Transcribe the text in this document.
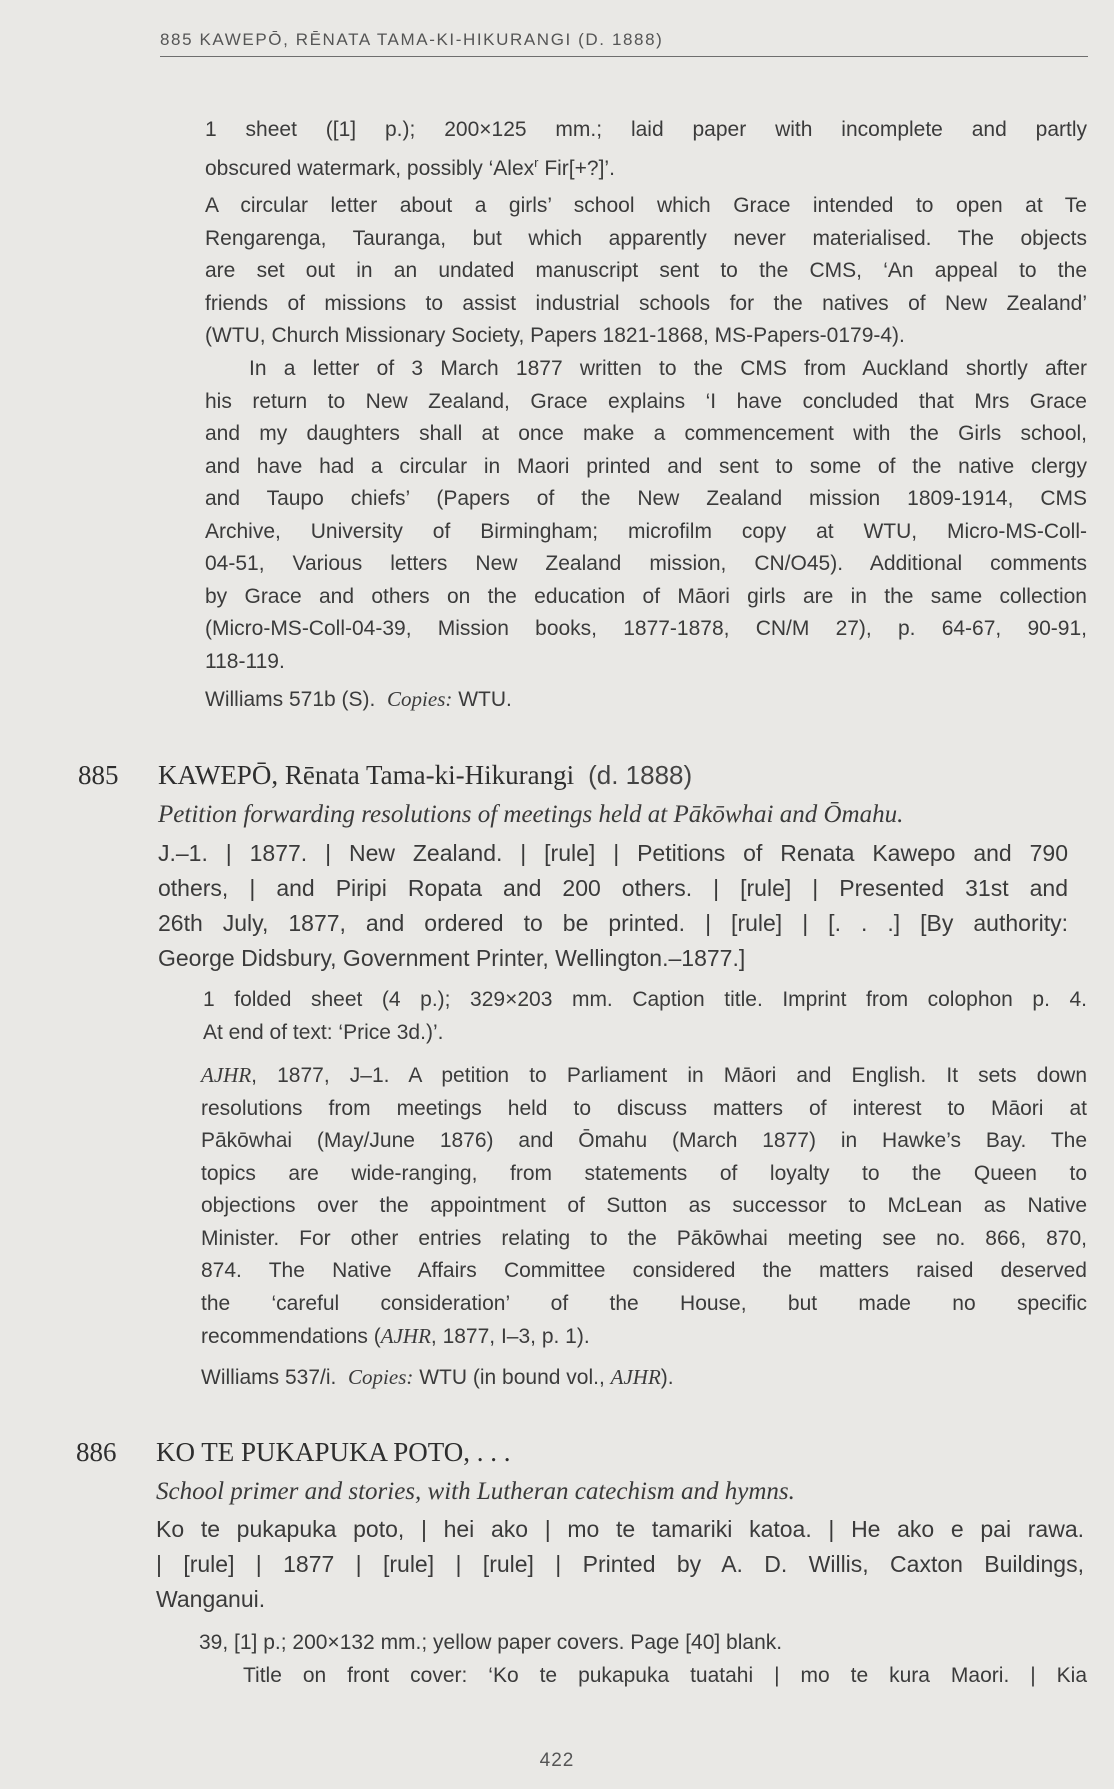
885 KAWEPŌ, RĒNATA TAMA-KI-HIKURANGI (D. 1888)
1 sheet ([1] p.); 200×125 mm.; laid paper with incomplete and partly
obscured watermark, possibly ‘Alex$^r$ Fir[+?]’.
A circular letter about a girls’ school which Grace intended to open at Te
Rengarenga, Tauranga, but which apparently never materialised. The objects
are set out in an undated manuscript sent to the CMS, ‘An appeal to the
friends of missions to assist industrial schools for the natives of New Zealand’
(WTU, Church Missionary Society, Papers 1821-1868, MS-Papers-0179-4).
In a letter of 3 March 1877 written to the CMS from Auckland shortly after
his return to New Zealand, Grace explains ‘I have concluded that Mrs Grace
and my daughters shall at once make a commencement with the Girls school,
and have had a circular in Maori printed and sent to some of the native clergy
and Taupo chiefs’ (Papers of the New Zealand mission 1809-1914, CMS
Archive, University of Birmingham; microfilm copy at WTU, Micro-MS-Coll-
04-51, Various letters New Zealand mission, CN/O45). Additional comments
by Grace and others on the education of Māori girls are in the same collection
(Micro-MS-Coll-04-39, Mission books, 1877-1878, CN/M 27), p. 64-67, 90-91,
118-119.
Williams 571b (S). Copies: WTU.
885 KAWEPŌ, Rēnata Tama-ki-Hikurangi (d. 1888)
Petition forwarding resolutions of meetings held at Pākōwhai and Ōmahu.
J.–1. | 1877. | New Zealand. | [rule] | Petitions of Renata Kawepo and 790
others, | and Piripi Ropata and 200 others. | [rule] | Presented 31st and
26th July, 1877, and ordered to be printed. | [rule] | [. . .] [By authority:
George Didsbury, Government Printer, Wellington.–1877.]
1 folded sheet (4 p.); 329×203 mm. Caption title. Imprint from colophon p. 4.
At end of text: ‘Price 3d.)’.
AJHR, 1877, J–1. A petition to Parliament in Māori and English. It sets down
resolutions from meetings held to discuss matters of interest to Māori at
Pākōwhai (May/June 1876) and Ōmahu (March 1877) in Hawke’s Bay. The
topics are wide-ranging, from statements of loyalty to the Queen to
objections over the appointment of Sutton as successor to McLean as Native
Minister. For other entries relating to the Pākōwhai meeting see no. 866, 870,
874. The Native Affairs Committee considered the matters raised deserved
the ‘careful consideration’ of the House, but made no specific
recommendations (AJHR, 1877, I–3, p. 1).
Williams 537/i. Copies: WTU (in bound vol., AJHR).
886 KO TE PUKAPUKA POTO, . . .
School primer and stories, with Lutheran catechism and hymns.
Ko te pukapuka poto, | hei ako | mo te tamariki katoa. | He ako e pai rawa.
| [rule] | 1877 | [rule] | [rule] | Printed by A. D. Willis, Caxton Buildings,
Wanganui.
39, [1] p.; 200×132 mm.; yellow paper covers. Page [40] blank.
Title on front cover: ‘Ko te pukapuka tuatahi | mo te kura Maori. | Kia
422
